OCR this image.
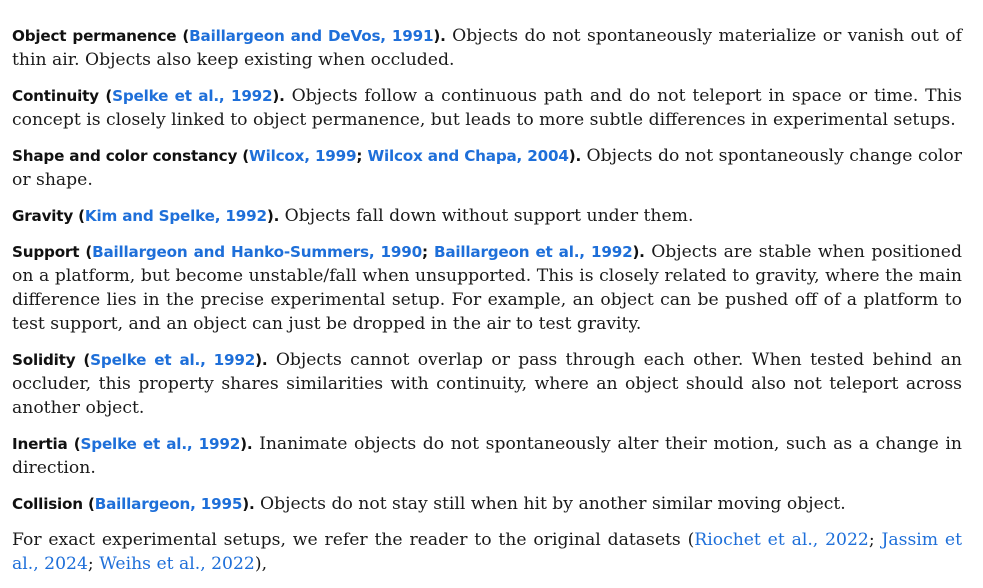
Object permanence (Baillargeon and DeVos, 1991). Objects do not spontaneously materialize or vanish out of thin air. Objects also keep existing when occluded.

Continuity (Spelke et al., 1992). Objects follow a continuous path and do not teleport in space or time. This concept is closely linked to object permanence, but leads to more subtle differences in experimental setups.

Shape and color constancy (Wilcox, 1999; Wilcox and Chapa, 2004). Objects do not spontaneously change color or shape.

Gravity (Kim and Spelke, 1992). Objects fall down without support under them.

Support (Baillargeon and Hanko-Summers, 1990; Baillargeon et al., 1992). Objects are stable when positioned on a platform, but become unstable/fall when unsupported. This is closely related to gravity, where the main difference lies in the precise experimental setup. For example, an object can be pushed off of a platform to test support, and an object can just be dropped in the air to test gravity.

Solidity (Spelke et al., 1992). Objects cannot overlap or pass through each other. When tested behind an occluder, this property shares similarities with continuity, where an object should also not teleport across another object.

Inertia (Spelke et al., 1992). Inanimate objects do not spontaneously alter their motion, such as a change in direction.

Collision (Baillargeon, 1995). Objects do not stay still when hit by another similar moving object.

For exact experimental setups, we refer the reader to the original datasets (Riochet et al., 2022; Jassim et al., 2024; Weihs et al., 2022),
